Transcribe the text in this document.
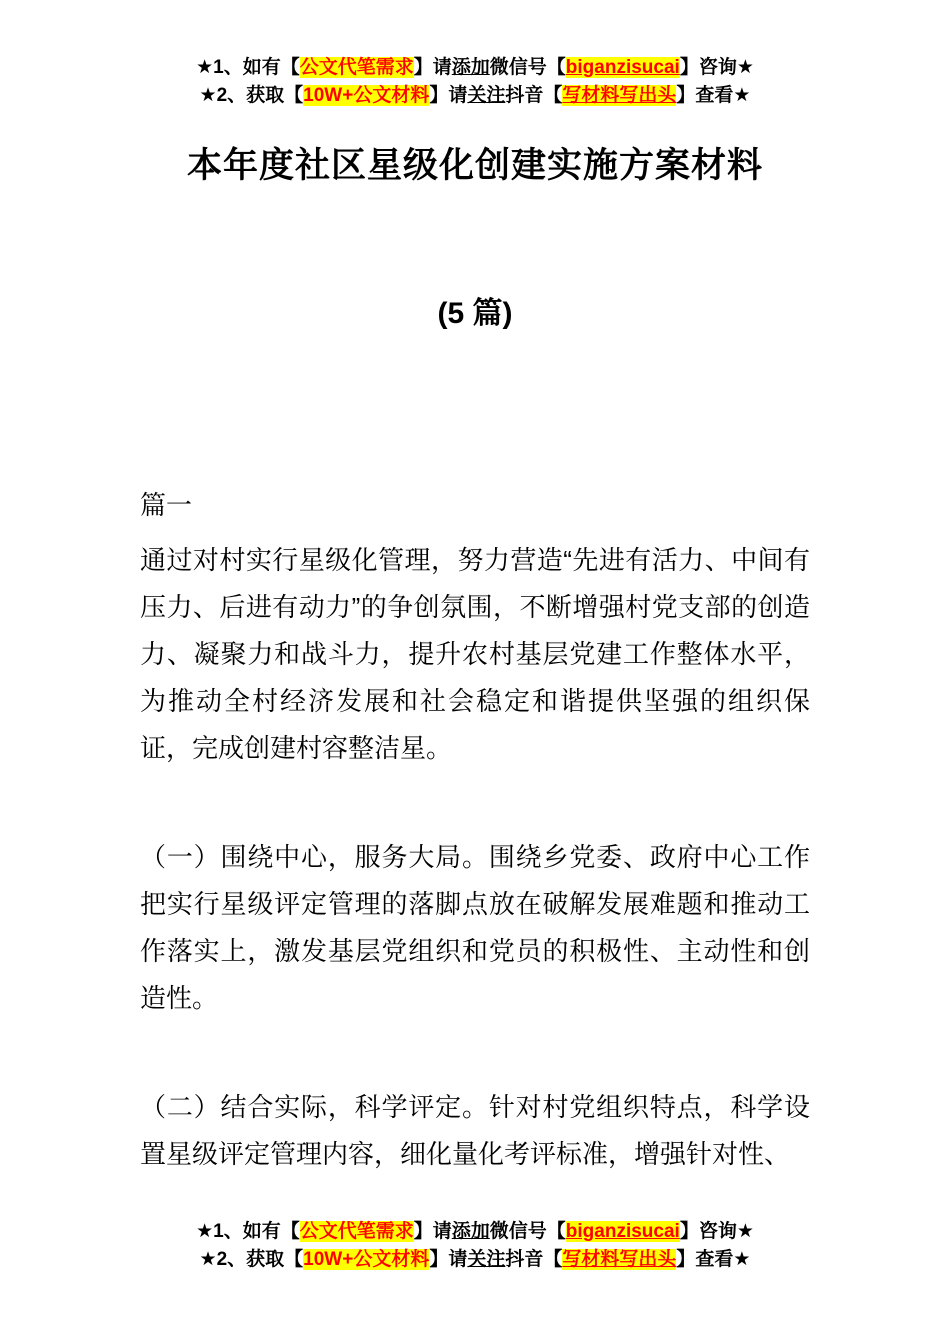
★1、如有【公文代笔需求】请添加微信号【biganzisucai】咨询★
★2、获取【10W+公文材料】请关注抖音【写材料写出头】查看★
本年度社区星级化创建实施方案材料
(5 篇)

篇一

通过对村实行星级化管理，努力营造“先进有活力、中间有压力、后进有动力”的争创氛围，不断增强村党支部的创造力、凝聚力和战斗力，提升农村基层党建工作整体水平，为推动全村经济发展和社会稳定和谐提供坚强的组织保证，完成创建村容整洁星。

（一）围绕中心，服务大局。围绕乡党委、政府中心工作把实行星级评定管理的落脚点放在破解发展难题和推动工作落实上，激发基层党组织和党员的积极性、主动性和创造性。

（二）结合实际，科学评定。针对村党组织特点，科学设置星级评定管理内容，细化量化考评标准，增强针对性、

★1、如有【公文代笔需求】请添加微信号【biganzisucai】咨询★
★2、获取【10W+公文材料】请关注抖音【写材料写出头】查看★
